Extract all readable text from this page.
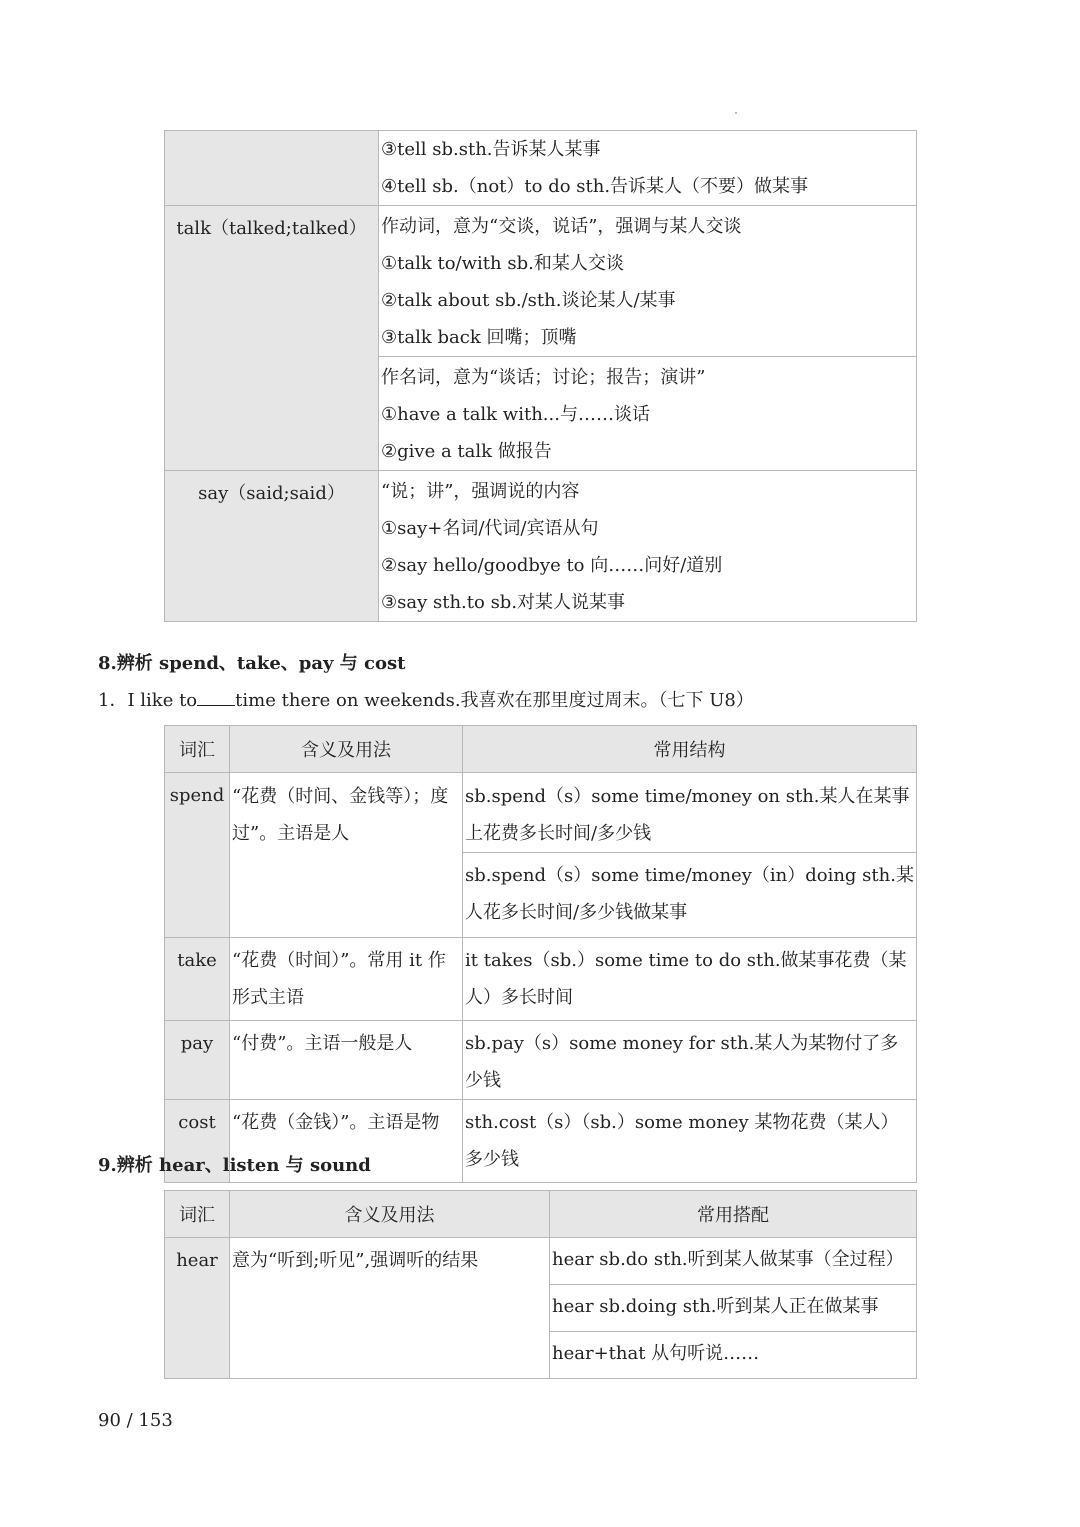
	③tell sb.sth.告诉某人某事
④tell sb.（not）to do sth.告诉某人（不要）做某事

talk（talked;talked）	作动词，意为“交谈，说话”，强调与某人交谈
①talk to/with sb.和某人交谈
②talk about sb./sth.谈论某人/某事
③talk back 回嘴；顶嘴

	作名词，意为“谈话；讨论；报告；演讲”
①have a talk with...与……谈话
②give a talk 做报告

say（said;said）	“说；讲”，强调说的内容
①say+名词/代词/宾语从句
②say hello/goodbye to 向……问好/道别
③say sth.to sb.对某人说某事
8.辨析 spend、take、pay 与 cost
1．I like to time there on weekends.我喜欢在那里度过周末。（七下 U8）
词汇	含义及用法	常用结构
spend	“花费（时间、金钱等）；度过”。主语是人	sb.spend（s）some time/money on sth.某人在某事上花费多长时间/多少钱
		sb.spend（s）some time/money（in）doing sth.某人花多长时间/多少钱做某事
take	“花费（时间）”。常用 it 作形式主语	it takes（sb.）some time to do sth.做某事花费（某人）多长时间
pay	“付费”。主语一般是人	sb.pay（s）some money for sth.某人为某物付了多少钱
cost	“花费（金钱）”。主语是物	sth.cost（s）（sb.）some money 某物花费（某人）多少钱
9.辨析 hear、listen 与 sound
词汇	含义及用法	常用搭配
hear	意为“听到;听见”,强调听的结果	hear sb.do sth.听到某人做某事（全过程）
		hear sb.doing sth.听到某人正在做某事
		hear+that 从句听说……
90 / 153
